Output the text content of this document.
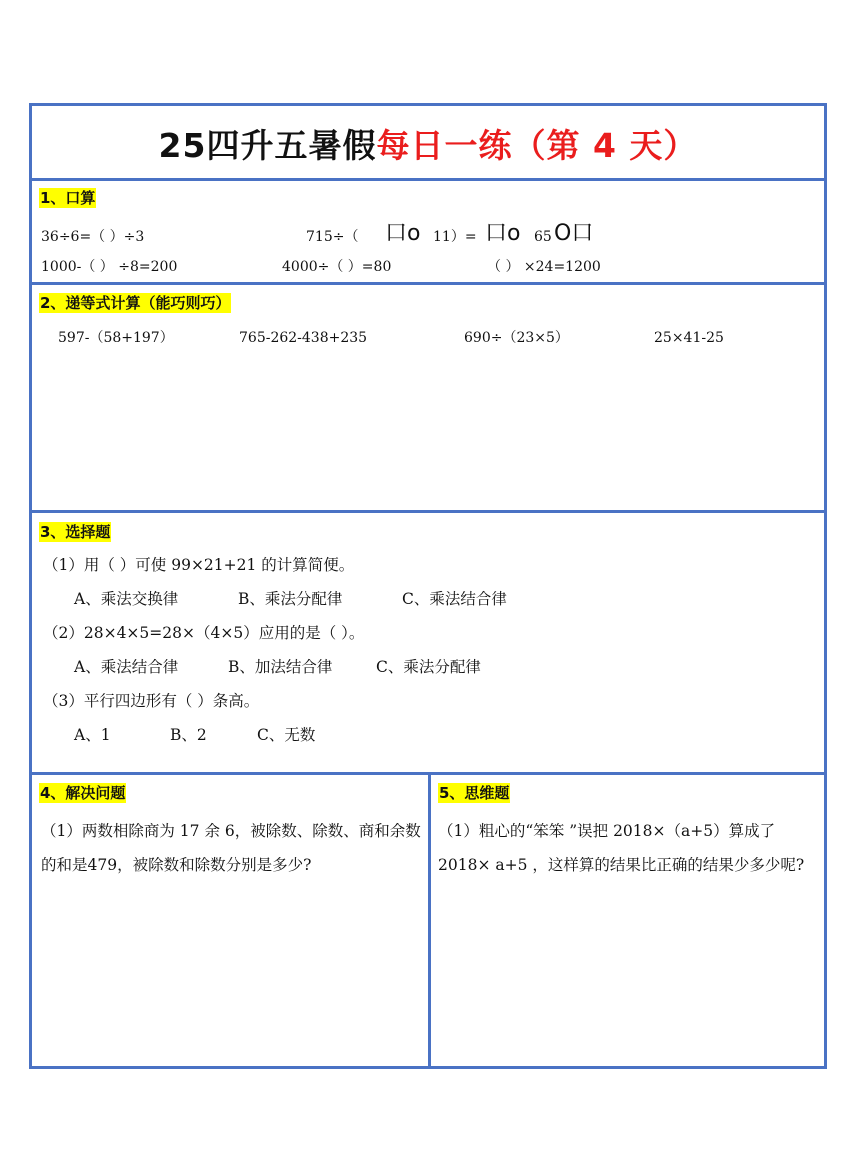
25四升五暑假每日一练（第 4 天）
1、口算
36÷6=（ ）÷3	715÷（ 口o 11）= 口o 65 O口
1000-（ ） ÷8=200	4000÷（ ）=80	（ ） ×24=1200
2、递等式计算（能巧则巧）
597-（58+197）	765-262-438+235	690÷（23×5）	25×41-25
3、选择题
（1）用（ ）可使 99×21+21 的计算简便。
A、乘法交换律	B、乘法分配律	C、乘法结合律
（2）28×4×5=28×（4×5）应用的是（ ）。
A、乘法结合律	B、加法结合律	C、乘法分配律
（3）平行四边形有（ ）条高。
A、1	B、2	C、无数
4、解决问题
（1）两数相除商为 17 余 6，被除数、除数、商和余数的和是479，被除数和除数分别是多少?
5、思维题
（1）粗心的“笨笨 ”误把 2018×（a+5）算成了 2018× a+5 ，这样算的结果比正确的结果少多少呢?
